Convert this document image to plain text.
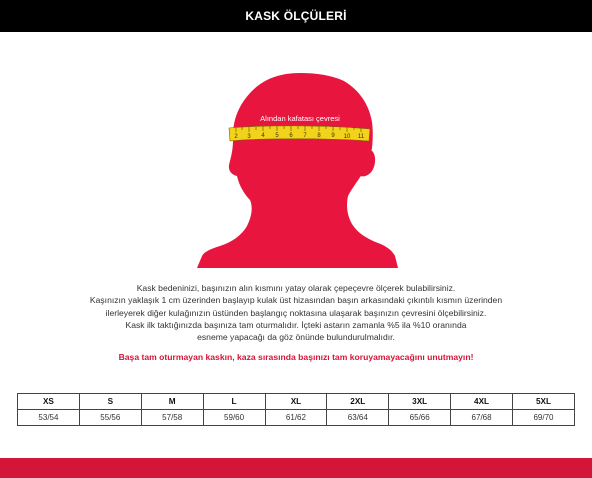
KASK ÖLÇÜLERİ
2 3 4 5 6 7 8 9 10 11
Alından kafatası çevresi

Kask bedeninizi, başınızın alın kısmını yatay olarak çepeçevre ölçerek bulabilirsiniz.

Kaşınızın yaklaşık 1 cm üzerinden başlayıp kulak üst hizasından başın arkasındaki çıkıntılı kısmın üzerinden

ilerleyerek diğer kulağınızın üstünden başlangıç noktasına ulaşarak başınızın çevresini ölçebilirsiniz.

Kask ilk taktığınızda başınıza tam oturmalıdır. İçteki astarın zamanla %5 ila %10 oranında

esneme yapacağı da göz önünde bulundurulmalıdır.

Başa tam oturmayan kaskın, kaza sırasında başınızı tam koruyamayacağını unutmayın!
XS	S	M	L	XL	2XL	3XL	4XL	5XL
53/54	55/56	57/58	59/60	61/62	63/64	65/66	67/68	69/70
